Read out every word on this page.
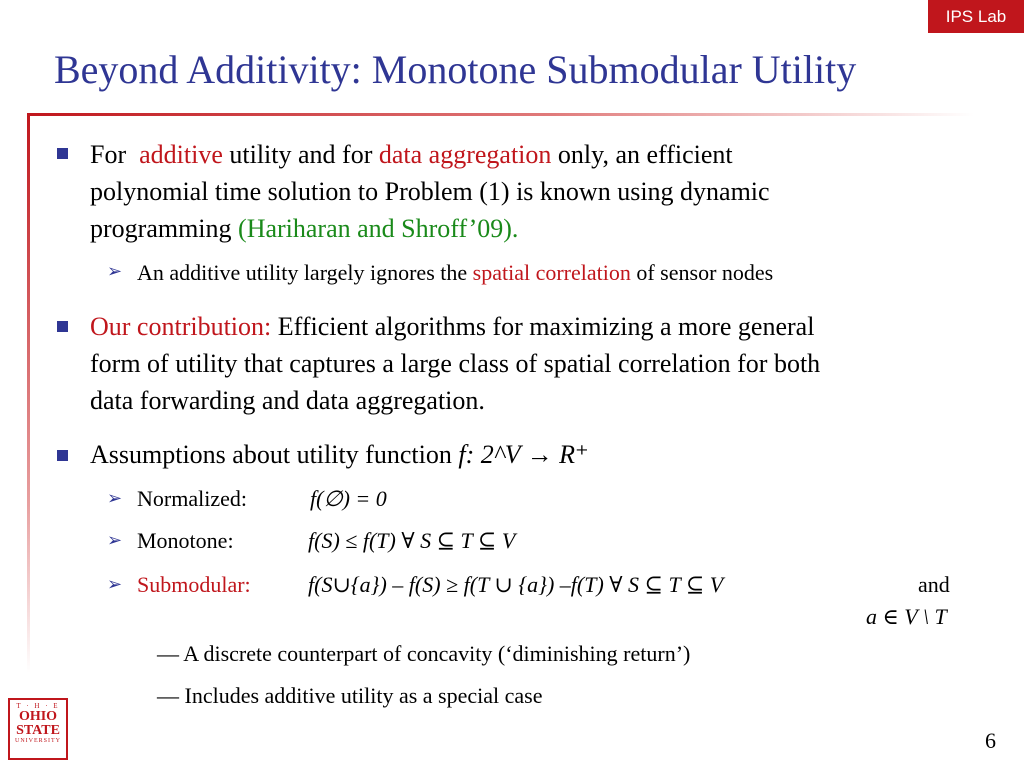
IPS Lab
Beyond Additivity: Monotone Submodular Utility
For additive utility and for data aggregation only, an efficient
polynomial time solution to Problem (1) is known using dynamic
programming (Hariharan and Shroff’09).
➢ An additive utility largely ignores the spatial correlation of sensor nodes
Our contribution: Efficient algorithms for maximizing a more general
form of utility that captures a large class of spatial correlation for both
data forwarding and data aggregation.
Assumptions about utility function f: 2^V → R⁺
➢ Normalized:	f(∅) = 0
➢ Monotone:	f(S) ≤ f(T) ∀ S ⊆ T ⊆ V
➢ Submodular:	f(S∪{a}) – f(S) ≥ f(T ∪ {a}) –f(T) ∀ S ⊆ T ⊆ V	and
a ∈ V \ T
― A discrete counterpart of concavity (‘diminishing return’)
― Includes additive utility as a special case
T · H · E
OHIO
STATE
UNIVERSITY	6
